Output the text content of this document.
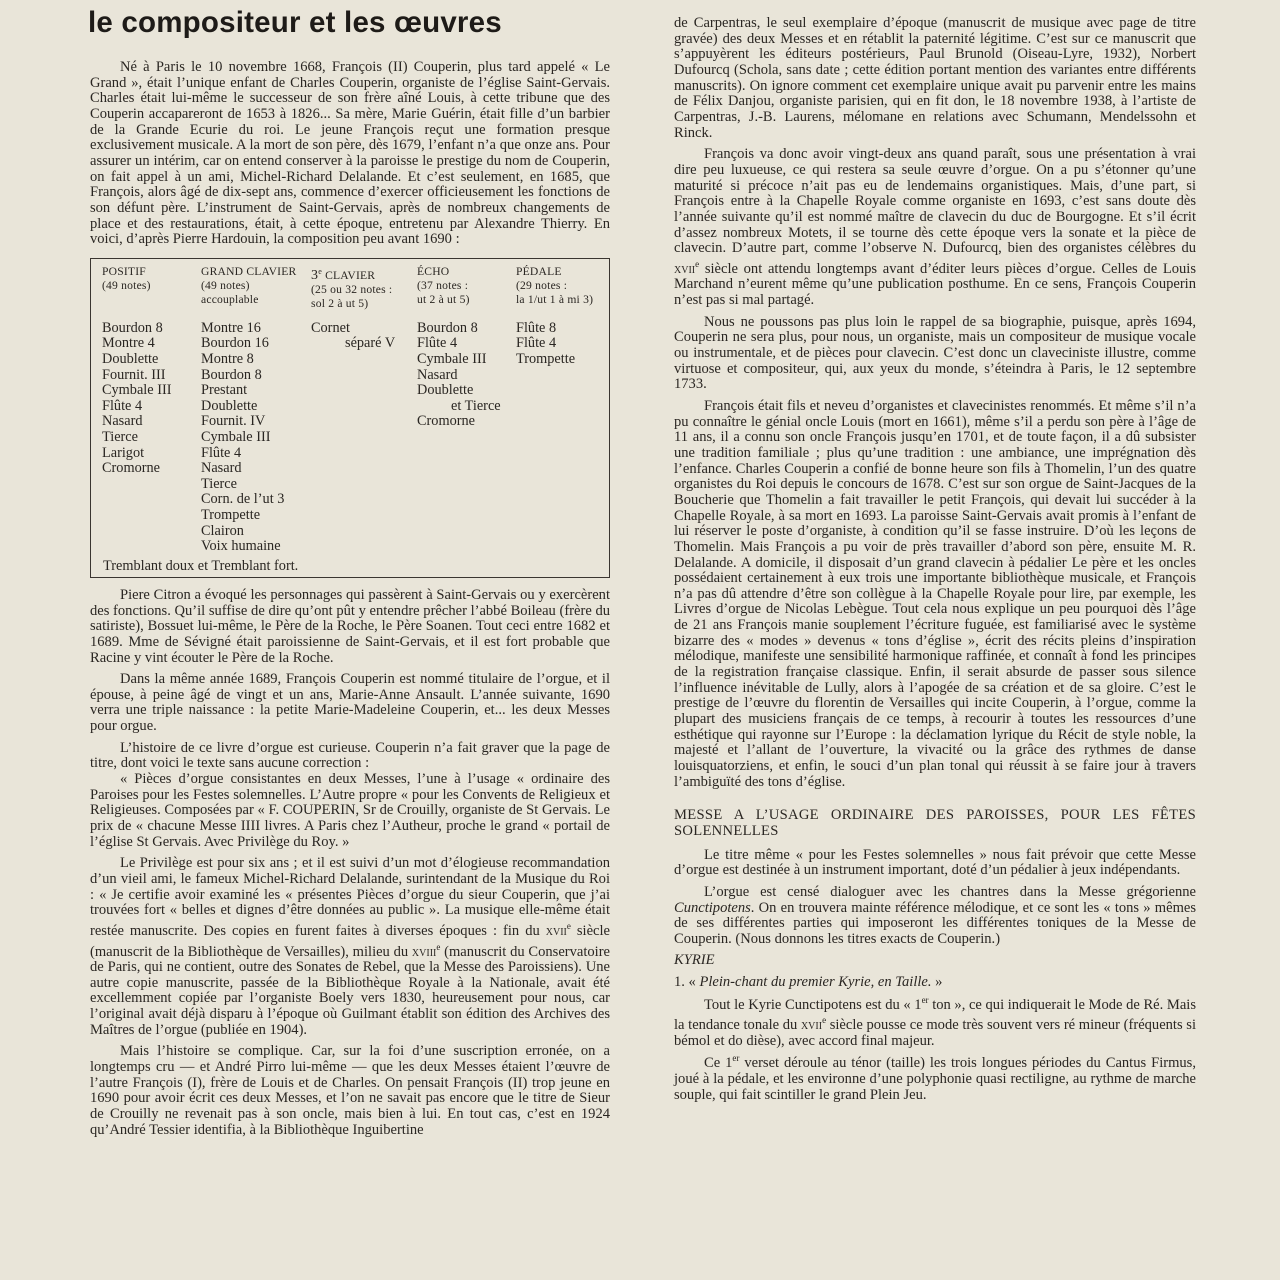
le compositeur et les œuvres

Né à Paris le 10 novembre 1668, François (II) Couperin, plus tard appelé « Le Grand », était l’unique enfant de Charles Couperin, organiste de l’église Saint-Gervais. Charles était lui-même le successeur de son frère aîné Louis, à cette tribune que des Couperin accapareront de 1653 à 1826... Sa mère, Marie Guérin, était fille d’un barbier de la Grande Ecurie du roi. Le jeune François reçut une formation presque exclusivement musicale. A la mort de son père, dès 1679, l’enfant n’a que onze ans. Pour assurer un intérim, car on entend conserver à la paroisse le prestige du nom de Couperin, on fait appel à un ami, Michel-Richard Delalande. Et c’est seulement, en 1685, que François, alors âgé de dix-sept ans, commence d’exercer officieusement les fonctions de son défunt père. L’instrument de Saint-Gervais, après de nombreux changements de place et des restaurations, était, à cette époque, entretenu par Alexandre Thierry. En voici, d’après Pierre Hardouin, la composition peu avant 1690 :

POSITIF
(49 notes)
Bourdon 8
Montre 4
Doublette
Fournit. III
Cymbale III
Flûte 4
Nasard
Tierce
Larigot
Cromorne
GRAND CLAVIER
(49 notes)
accouplable
Montre 16
Bourdon 16
Montre 8
Bourdon 8
Prestant
Doublette
Fournit. IV
Cymbale III
Flûte 4
Nasard
Tierce
Corn. de l’ut 3
Trompette
Clairon
Voix humaine
3e CLAVIER
(25 ou 32 notes :
sol 2 à ut 5)
Cornet
séparé V
ÉCHO
(37 notes :
ut 2 à ut 5)
Bourdon 8
Flûte 4
Cymbale III
Nasard
Doublette
et Tierce
Cromorne
PÉDALE
(29 notes :
la 1/ut 1 à mi 3)
Flûte 8
Flûte 4
Trompette
Tremblant doux et Tremblant fort.

Piere Citron a évoqué les personnages qui passèrent à Saint-Gervais ou y exercèrent des fonctions. Qu’il suffise de dire qu’ont pût y entendre prêcher l’abbé Boileau (frère du satiriste), Bossuet lui-même, le Père de la Roche, le Père Soanen. Tout ceci entre 1682 et 1689. Mme de Sévigné était paroissienne de Saint-Gervais, et il est fort probable que Racine y vint écouter le Père de la Roche.

Dans la même année 1689, François Couperin est nommé titulaire de l’orgue, et il épouse, à peine âgé de vingt et un ans, Marie-Anne Ansault. L’année suivante, 1690 verra une triple naissance : la petite Marie-Madeleine Couperin, et... les deux Messes pour orgue.

L’histoire de ce livre d’orgue est curieuse. Couperin n’a fait graver que la page de titre, dont voici le texte sans aucune correction :

« Pièces d’orgue consistantes en deux Messes, l’une à l’usage « ordinaire des Paroises pour les Festes solemnelles. L’Autre propre « pour les Convents de Religieux et Religieuses. Composées par « F. COUPERIN, Sr de Crouilly, organiste de St Gervais. Le prix de « chacune Messe IIII livres. A Paris chez l’Autheur, proche le grand « portail de l’église St Gervais. Avec Privilège du Roy. »

Le Privilège est pour six ans ; et il est suivi d’un mot d’élogieuse recommandation d’un vieil ami, le fameux Michel-Richard Delalande, surintendant de la Musique du Roi : « Je certifie avoir examiné les « présentes Pièces d’orgue du sieur Couperin, que j’ai trouvées fort « belles et dignes d’être données au public ». La musique elle-même était restée manuscrite. Des copies en furent faites à diverses époques : fin du xvii$^e$ siècle (manuscrit de la Bibliothèque de Versailles), milieu du xviii$^e$ (manuscrit du Conservatoire de Paris, qui ne contient, outre des Sonates de Rebel, que la Messe des Paroissiens). Une autre copie manuscrite, passée de la Bibliothèque Royale à la Nationale, avait été excellemment copiée par l’organiste Boely vers 1830, heureusement pour nous, car l’original avait déjà disparu à l’époque où Guilmant établit son édition des Archives des Maîtres de l’orgue (publiée en 1904).

Mais l’histoire se complique. Car, sur la foi d’une suscription erronée, on a longtemps cru — et André Pirro lui-même — que les deux Messes étaient l’œuvre de l’autre François (I), frère de Louis et de Charles. On pensait François (II) trop jeune en 1690 pour avoir écrit ces deux Messes, et l’on ne savait pas encore que le titre de Sieur de Crouilly ne revenait pas à son oncle, mais bien à lui. En tout cas, c’est en 1924 qu’André Tessier identifia, à la Bibliothèque Inguibertine

de Carpentras, le seul exemplaire d’époque (manuscrit de musique avec page de titre gravée) des deux Messes et en rétablit la paternité légitime. C’est sur ce manuscrit que s’appuyèrent les éditeurs postérieurs, Paul Brunold (Oiseau-Lyre, 1932), Norbert Dufourcq (Schola, sans date ; cette édition portant mention des variantes entre différents manuscrits). On ignore comment cet exemplaire unique avait pu parvenir entre les mains de Félix Danjou, organiste parisien, qui en fit don, le 18 novembre 1938, à l’artiste de Carpentras, J.-B. Laurens, mélomane en relations avec Schumann, Mendelssohn et Rinck.

François va donc avoir vingt-deux ans quand paraît, sous une présentation à vrai dire peu luxueuse, ce qui restera sa seule œuvre d’orgue. On a pu s’étonner qu’une maturité si précoce n’ait pas eu de lendemains organistiques. Mais, d’une part, si François entre à la Chapelle Royale comme organiste en 1693, c’est sans doute dès l’année suivante qu’il est nommé maître de clavecin du duc de Bourgogne. Et s’il écrit d’assez nombreux Motets, il se tourne dès cette époque vers la sonate et la pièce de clavecin. D’autre part, comme l’observe N. Dufourcq, bien des organistes célèbres du xvii$^e$ siècle ont attendu longtemps avant d’éditer leurs pièces d’orgue. Celles de Louis Marchand n’eurent même qu’une publication posthume. En ce sens, François Couperin n’est pas si mal partagé.

Nous ne poussons pas plus loin le rappel de sa biographie, puisque, après 1694, Couperin ne sera plus, pour nous, un organiste, mais un compositeur de musique vocale ou instrumentale, et de pièces pour clavecin. C’est donc un claveciniste illustre, comme virtuose et compositeur, qui, aux yeux du monde, s’éteindra à Paris, le 12 septembre 1733.

François était fils et neveu d’organistes et clavecinistes renommés. Et même s’il n’a pu connaître le génial oncle Louis (mort en 1661), même s’il a perdu son père à l’âge de 11 ans, il a connu son oncle François jusqu’en 1701, et de toute façon, il a dû subsister une tradition familiale ; plus qu’une tradition : une ambiance, une imprégnation dès l’enfance. Charles Couperin a confié de bonne heure son fils à Thomelin, l’un des quatre organistes du Roi depuis le concours de 1678. C’est sur son orgue de Saint-Jacques de la Boucherie que Thomelin a fait travailler le petit François, qui devait lui succéder à la Chapelle Royale, à sa mort en 1693. La paroisse Saint-Gervais avait promis à l’enfant de lui réserver le poste d’organiste, à condition qu’il se fasse instruire. D’où les leçons de Thomelin. Mais François a pu voir de près travailler d’abord son père, ensuite M. R. Delalande. A domicile, il disposait d’un grand clavecin à pédalier Le père et les oncles possédaient certainement à eux trois une importante bibliothèque musicale, et François n’a pas dû attendre d’être son collègue à la Chapelle Royale pour lire, par exemple, les Livres d’orgue de Nicolas Lebègue. Tout cela nous explique un peu pourquoi dès l’âge de 21 ans François manie souplement l’écriture fuguée, est familiarisé avec le système bizarre des « modes » devenus « tons d’église », écrit des récits pleins d’inspiration mélodique, manifeste une sensibilité harmonique raffinée, et connaît à fond les principes de la registration française classique. Enfin, il serait absurde de passer sous silence l’influence inévitable de Lully, alors à l’apogée de sa création et de sa gloire. C’est le prestige de l’œuvre du florentin de Versailles qui incite Couperin, à l’orgue, comme la plupart des musiciens français de ce temps, à recourir à toutes les ressources d’une esthétique qui rayonne sur l’Europe : la déclamation lyrique du Récit de style noble, la majesté et l’allant de l’ouverture, la vivacité ou la grâce des rythmes de danse louisquatorziens, et enfin, le souci d’un plan tonal qui réussit à se faire jour à travers l’ambiguïté des tons d’église.

MESSE A L’USAGE ORDINAIRE DES PAROISSES, POUR LES FÊTES SOLENNELLES

Le titre même « pour les Festes solemnelles » nous fait prévoir que cette Messe d’orgue est destinée à un instrument important, doté d’un pédalier à jeux indépendants.

L’orgue est censé dialoguer avec les chantres dans la Messe grégorienne Cunctipotens. On en trouvera mainte référence mélodique, et ce sont les « tons » mêmes de ses différentes parties qui imposeront les différentes toniques de la Messe de Couperin. (Nous donnons les titres exacts de Couperin.)

KYRIE

1. « Plein-chant du premier Kyrie, en Taille. »

Tout le Kyrie Cunctipotens est du « 1er ton », ce qui indiquerait le Mode de Ré. Mais la tendance tonale du xvii$^e$ siècle pousse ce mode très souvent vers ré mineur (fréquents si bémol et do dièse), avec accord final majeur.

Ce 1er verset déroule au ténor (taille) les trois longues périodes du Cantus Firmus, joué à la pédale, et les environne d’une polyphonie quasi rectiligne, au rythme de marche souple, qui fait scintiller le grand Plein Jeu.
